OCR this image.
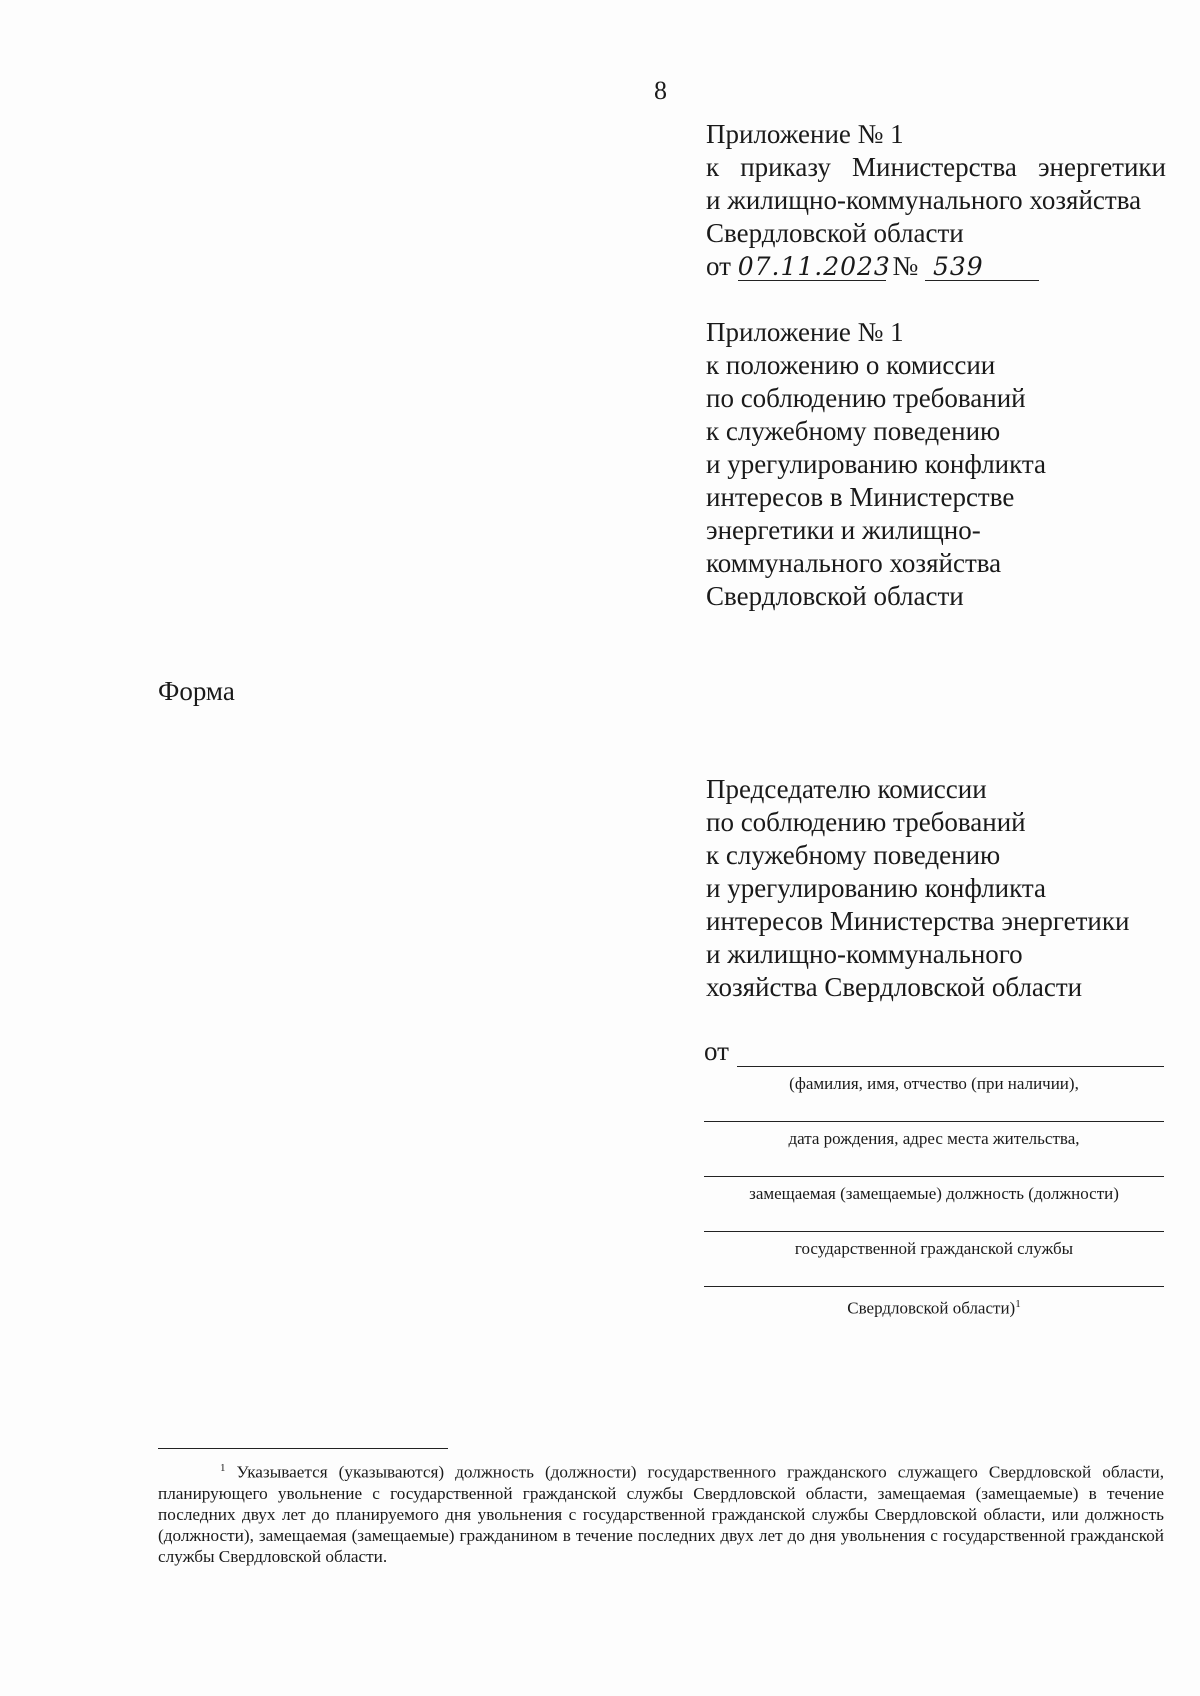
8
Приложение № 1
к приказу Министерства энергетики
и жилищно-коммунального хозяйства
Свердловской области
от 07.11.2023 № 539
Приложение № 1
к положению о комиссии
по соблюдению требований
к служебному поведению
и урегулированию конфликта
интересов в Министерстве
энергетики и жилищно-
коммунального хозяйства
Свердловской области
Форма
Председателю комиссии
по соблюдению требований
к служебному поведению
и урегулированию конфликта
интересов Министерства энергетики
и жилищно-коммунального
хозяйства Свердловской области
от
(фамилия, имя, отчество (при наличии),
дата рождения, адрес места жительства,
замещаемая (замещаемые) должность (должности)
государственной гражданской службы
Свердловской области)$^1$
$^1$ Указывается (указываются) должность (должности) государственного гражданского служащего Свердловской области, планирующего увольнение с государственной гражданской службы Свердловской области, замещаемая (замещаемые) в течение последних двух лет до планируемого дня увольнения с государственной гражданской службы Свердловской области, или должность (должности), замещаемая (замещаемые) гражданином в течение последних двух лет до дня увольнения с государственной гражданской службы Свердловской области.
